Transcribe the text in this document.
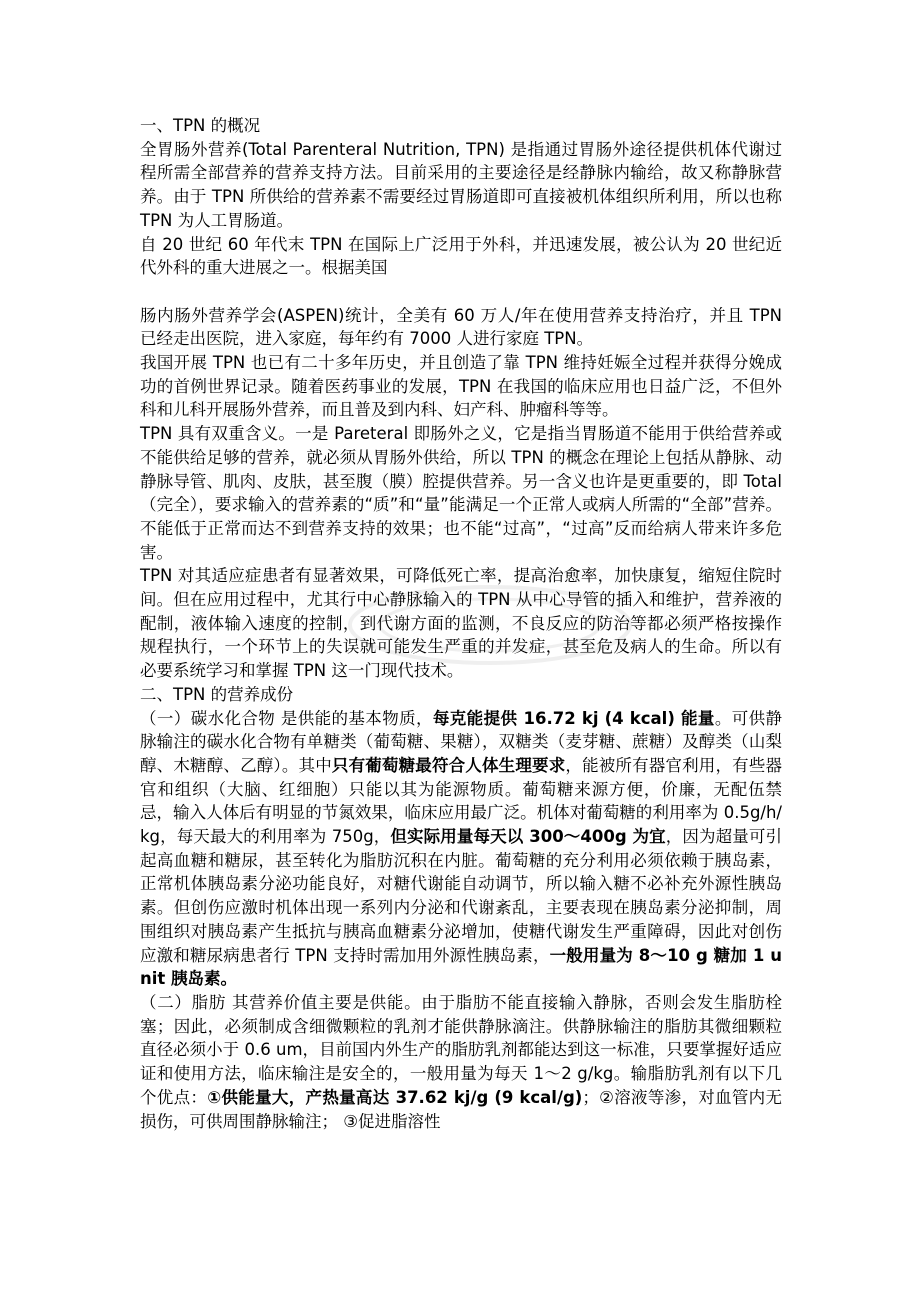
一、TPN 的概况

全胃肠外营养(Total Parenteral Nutrition, TPN) 是指通过胃肠外途径提供机体代谢过程所需全部营养的营养支持方法。目前采用的主要途径是经静脉内输给，故又称静脉营养。由于 TPN 所供给的营养素不需要经过胃肠道即可直接被机体组织所利用，所以也称 TPN 为人工胃肠道。

自 20 世纪 60 年代末 TPN 在国际上广泛用于外科，并迅速发展，被公认为 20 世纪近代外科的重大进展之一。根据美国

肠内肠外营养学会(ASPEN)统计，全美有 60 万人/年在使用营养支持治疗，并且 TPN 已经走出医院，进入家庭，每年约有 7000 人进行家庭 TPN。

我国开展 TPN 也已有二十多年历史，并且创造了靠 TPN 维持妊娠全过程并获得分娩成功的首例世界记录。随着医药事业的发展，TPN 在我国的临床应用也日益广泛，不但外科和儿科开展肠外营养，而且普及到内科、妇产科、肿瘤科等等。

TPN 具有双重含义。一是 Pareteral 即肠外之义，它是指当胃肠道不能用于供给营养或不能供给足够的营养，就必须从胃肠外供给，所以 TPN 的概念在理论上包括从静脉、动静脉导管、肌肉、皮肤，甚至腹（膜）腔提供营养。另一含义也许是更重要的，即 Total（完全），要求输入的营养素的“质”和“量”能满足一个正常人或病人所需的“全部”营养。不能低于正常而达不到营养支持的效果；也不能“过高”，“过高”反而给病人带来许多危害。

TPN 对其适应症患者有显著效果，可降低死亡率，提高治愈率，加快康复，缩短住院时间。但在应用过程中，尤其行中心静脉输入的 TPN 从中心导管的插入和维护，营养液的配制，液体输入速度的控制，到代谢方面的监测，不良反应的防治等都必须严格按操作规程执行，一个环节上的失误就可能发生严重的并发症，甚至危及病人的生命。所以有必要系统学习和掌握 TPN 这一门现代技术。

二、TPN 的营养成份

（一）碳水化合物 是供能的基本物质，每克能提供 16.72 kj (4 kcal) 能量。可供静脉输注的碳水化合物有单糖类（葡萄糖、果糖），双糖类（麦芽糖、蔗糖）及醇类（山梨醇、木糖醇、乙醇）。其中只有葡萄糖最符合人体生理要求，能被所有器官利用，有些器官和组织（大脑、红细胞）只能以其为能源物质。葡萄糖来源方便，价廉，无配伍禁忌，输入人体后有明显的节氮效果，临床应用最广泛。机体对葡萄糖的利用率为 0.5g/h/kg，每天最大的利用率为 750g，但实际用量每天以 300～400g 为宜，因为超量可引起高血糖和糖尿，甚至转化为脂肪沉积在内脏。葡萄糖的充分利用必须依赖于胰岛素，正常机体胰岛素分泌功能良好，对糖代谢能自动调节，所以输入糖不必补充外源性胰岛素。但创伤应激时机体出现一系列内分泌和代谢紊乱，主要表现在胰岛素分泌抑制，周围组织对胰岛素产生抵抗与胰高血糖素分泌增加，使糖代谢发生严重障碍，因此对创伤应激和糖尿病患者行 TPN 支持时需加用外源性胰岛素，一般用量为 8～10 g 糖加 1 unit 胰岛素。

（二）脂肪 其营养价值主要是供能。由于脂肪不能直接输入静脉，否则会发生脂肪栓塞；因此，必须制成含细微颗粒的乳剂才能供静脉滴注。供静脉输注的脂肪其微细颗粒直径必须小于 0.6 um，目前国内外生产的脂肪乳剂都能达到这一标准，只要掌握好适应证和使用方法，临床输注是安全的，一般用量为每天 1～2 g/kg。输脂肪乳剂有以下几个优点：①供能量大，产热量高达 37.62 kj/g (9 kcal/g)；②溶液等渗，对血管内无损伤，可供周围静脉输注； ③促进脂溶性
